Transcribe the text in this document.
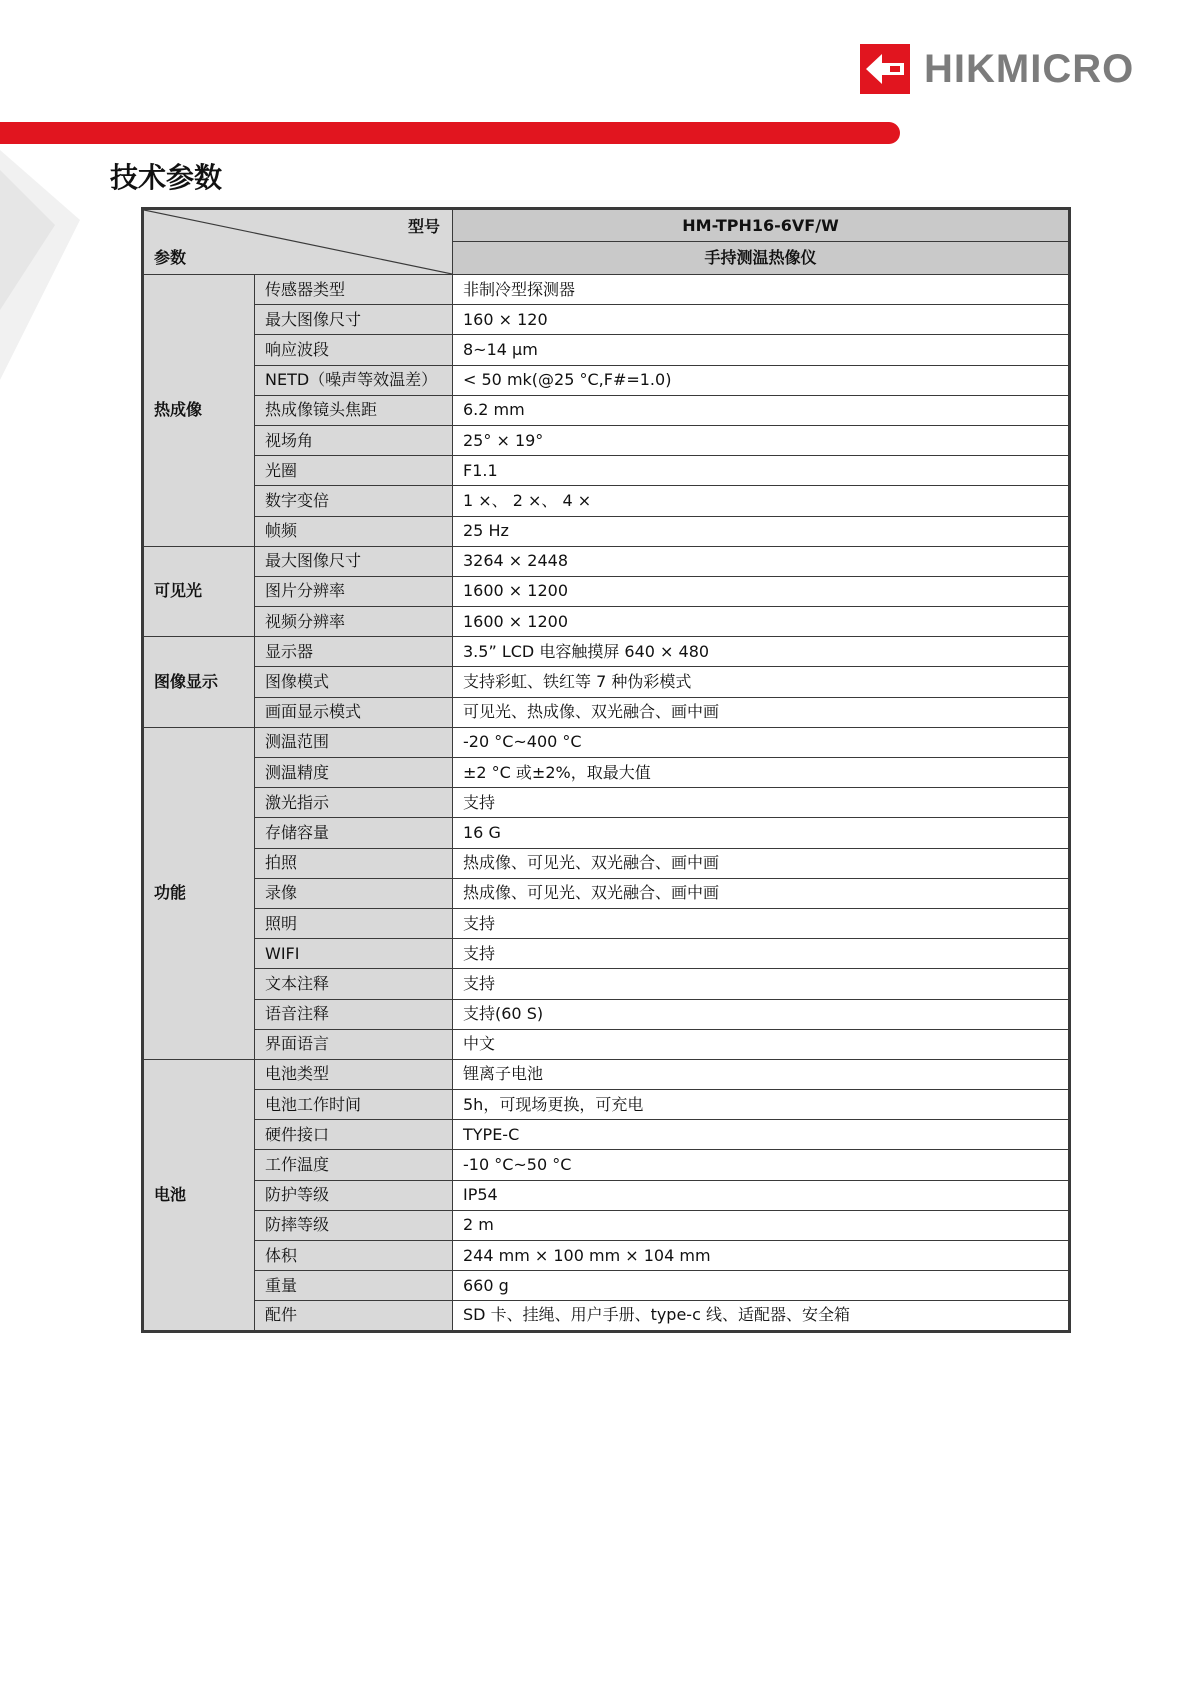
HIKMICRO
技术参数
型号
参数		HM-TPH16-6VF/W
		手持测温热像仪
热成像	传感器类型	非制冷型探测器
	最大图像尺寸	160 × 120
	响应波段	8~14 μm
	NETD（噪声等效温差）	< 50 mk(@25 °C,F#=1.0)
	热成像镜头焦距	6.2 mm
	视场角	25° × 19°
	光圈	F1.1
	数字变倍	1 ×、 2 ×、 4 ×
	帧频	25 Hz
可见光	最大图像尺寸	3264 × 2448
	图片分辨率	1600 × 1200
	视频分辨率	1600 × 1200
图像显示	显示器	3.5” LCD 电容触摸屏 640 × 480
	图像模式	支持彩虹、铁红等 7 种伪彩模式
	画面显示模式	可见光、热成像、双光融合、画中画
功能	测温范围	-20 °C~400 °C
	测温精度	±2 °C 或±2%，取最大值
	激光指示	支持
	存储容量	16 G
	拍照	热成像、可见光、双光融合、画中画
	录像	热成像、可见光、双光融合、画中画
	照明	支持
	WIFI	支持
	文本注释	支持
	语音注释	支持(60 S)
	界面语言	中文
电池	电池类型	锂离子电池
	电池工作时间	5h，可现场更换，可充电
	硬件接口	TYPE-C
	工作温度	-10 °C~50 °C
	防护等级	IP54
	防摔等级	2 m
	体积	244 mm × 100 mm × 104 mm
	重量	660 g
	配件	SD 卡、挂绳、用户手册、type-c 线、适配器、安全箱
